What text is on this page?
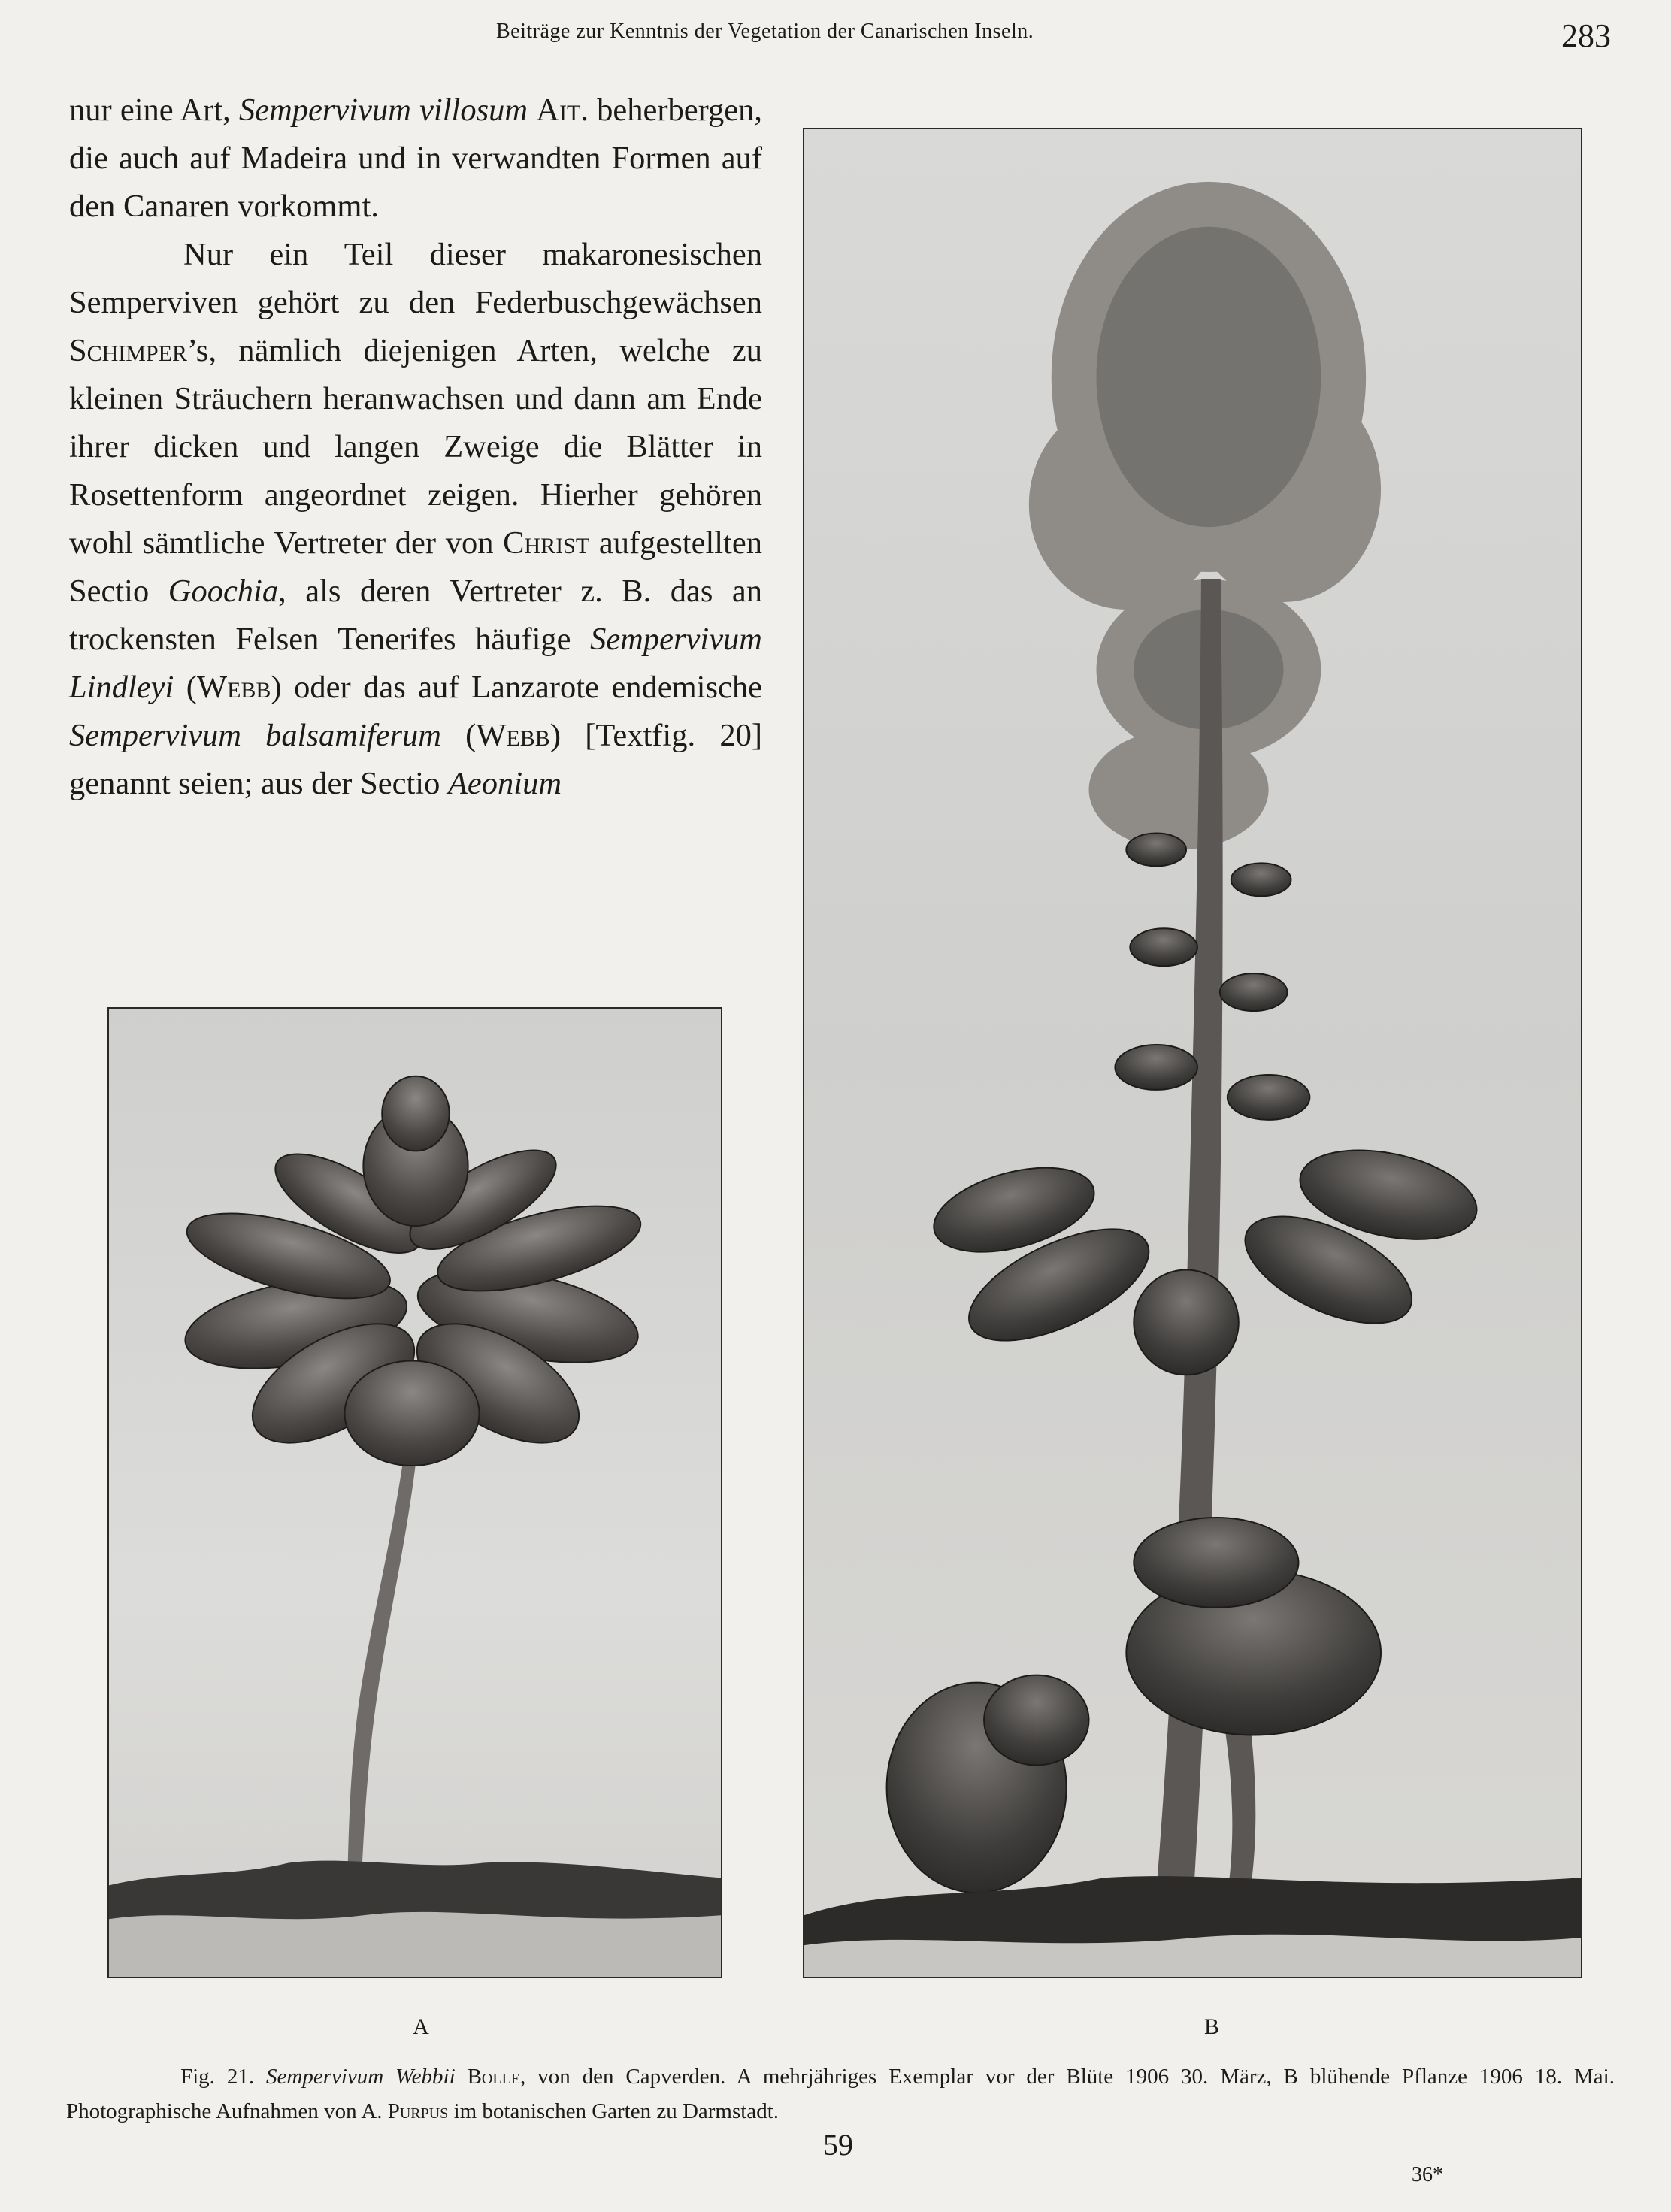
Beiträge zur Kenntnis der Vegetation der Canarischen Inseln.	283

nur eine Art, Sempervivum villosum Ait. beherbergen, die auch auf Madeira und in verwandten Formen auf den Canaren vorkommt.

Nur ein Teil dieser makaronesischen Semperviven gehört zu den Federbuschgewächsen Schimper’s, nämlich diejenigen Arten, welche zu kleinen Sträuchern heranwachsen und dann am Ende ihrer dicken und langen Zweige die Blätter in Rosettenform angeordnet zeigen. Hierher gehören wohl sämtliche Vertreter der von Christ aufgestellten Sectio Goochia, als deren Vertreter z. B. das an trockensten Felsen Tenerifes häufige Sempervivum Lindleyi (Webb) oder das auf Lanzarote endemische Sempervivum balsamiferum (Webb) [Textfig. 20] genannt seien; aus der Sectio Aeonium

A	B

Fig. 21. Sempervivum Webbii Bolle, von den Capverden. A mehrjähriges Exemplar vor der Blüte 1906 30. März, B blühende Pflanze 1906 18. Mai. Photographische Aufnahmen von A. Purpus im botanischen Garten zu Darmstadt.

59
36*
